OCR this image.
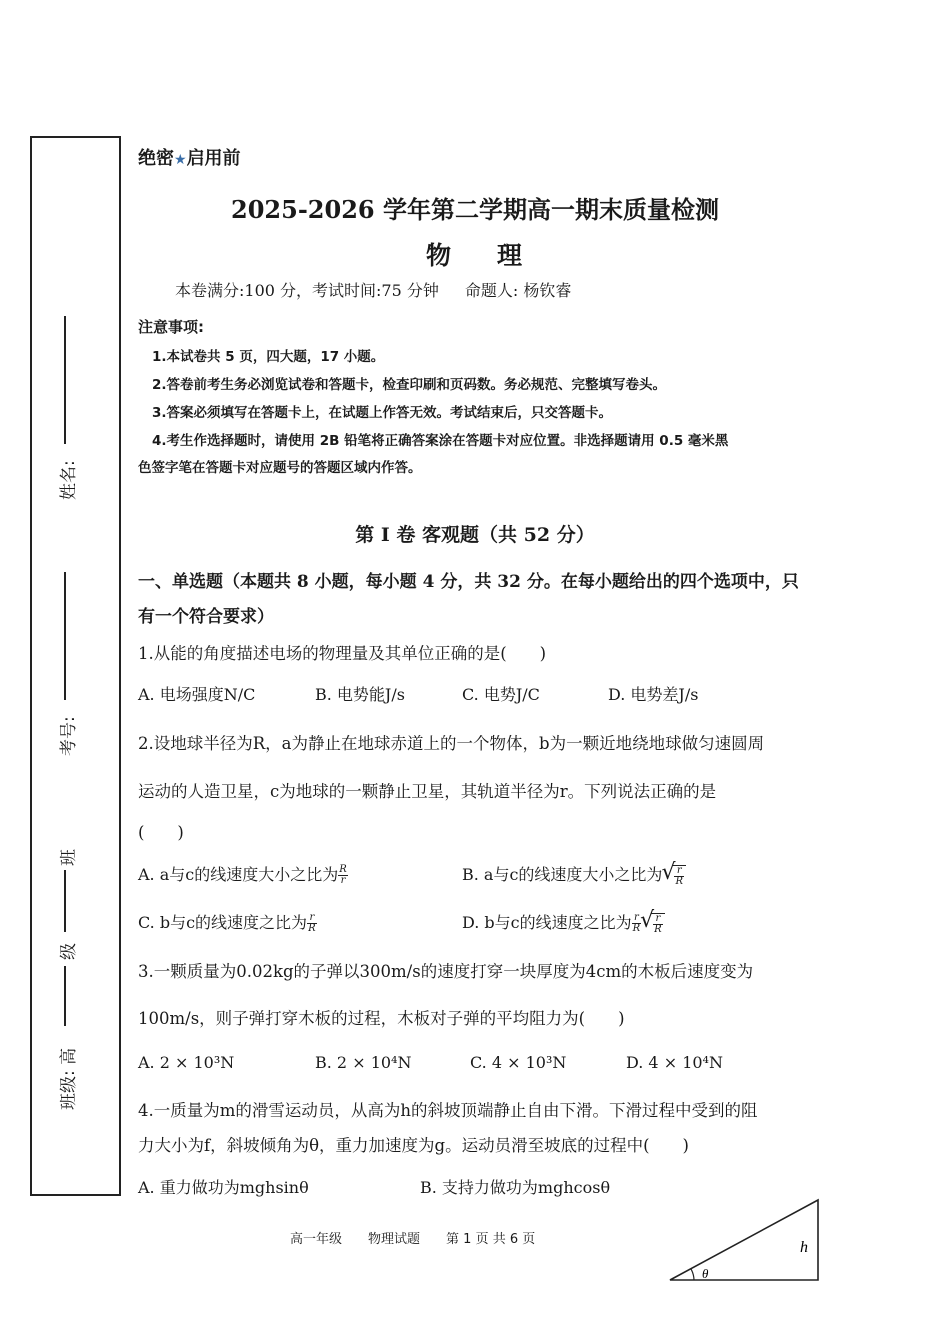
姓名:
考号:
班
级
班级: 高
绝密★启用前
2025-2026 学年第二学期高一期末质量检测
物 理
本卷满分:100 分，考试时间:75 分钟 命题人: 杨钦睿
注意事项:
1.本试卷共 5 页，四大题，17 小题。
2.答卷前考生务必浏览试卷和答题卡，检查印刷和页码数。务必规范、完整填写卷头。
3.答案必须填写在答题卡上，在试题上作答无效。考试结束后，只交答题卡。
4.考生作选择题时，请使用 2B 铅笔将正确答案涂在答题卡对应位置。非选择题请用 0.5 毫米黑
色签字笔在答题卡对应题号的答题区域内作答。
第 I 卷 客观题（共 52 分）
一、单选题（本题共 8 小题，每小题 4 分，共 32 分。在每小题给出的四个选项中，只
有一个符合要求）
1.从能的角度描述电场的物理量及其单位正确的是(　　)
A. 电场强度N/C	B. 电势能J/s	C. 电势J/C	D. 电势差J/s
2.设地球半径为R，a为静止在地球赤道上的一个物体，b为一颗近地绕地球做匀速圆周
运动的人造卫星，c为地球的一颗静止卫星，其轨道半径为r。下列说法正确的是
(　　)
A. a与c的线速度大小之比为 $\frac{R}{r}$	B. a与c的线速度大小之比为 √ $\frac{r}{R}$
C. b与c的线速度之比为 $\frac{r}{R}$	D. b与c的线速度之比为 $\frac{r}{R}$ √ $\frac{r}{R}$
3.一颗质量为0.02kg的子弹以300m/s的速度打穿一块厚度为4cm的木板后速度变为
100m/s，则子弹打穿木板的过程，木板对子弹的平均阻力为(　　)
A. 2 × 10³N	B. 2 × 10⁴N	C. 4 × 10³N	D. 4 × 10⁴N
4.一质量为m的滑雪运动员，从高为h的斜坡顶端静止自由下滑。下滑过程中受到的阻
力大小为f，斜坡倾角为θ，重力加速度为g。运动员滑至坡底的过程中(　　)
A. 重力做功为mghsinθ	B. 支持力做功为mghcosθ
h
θ
高一年级 物理试题 第 1 页 共 6 页
